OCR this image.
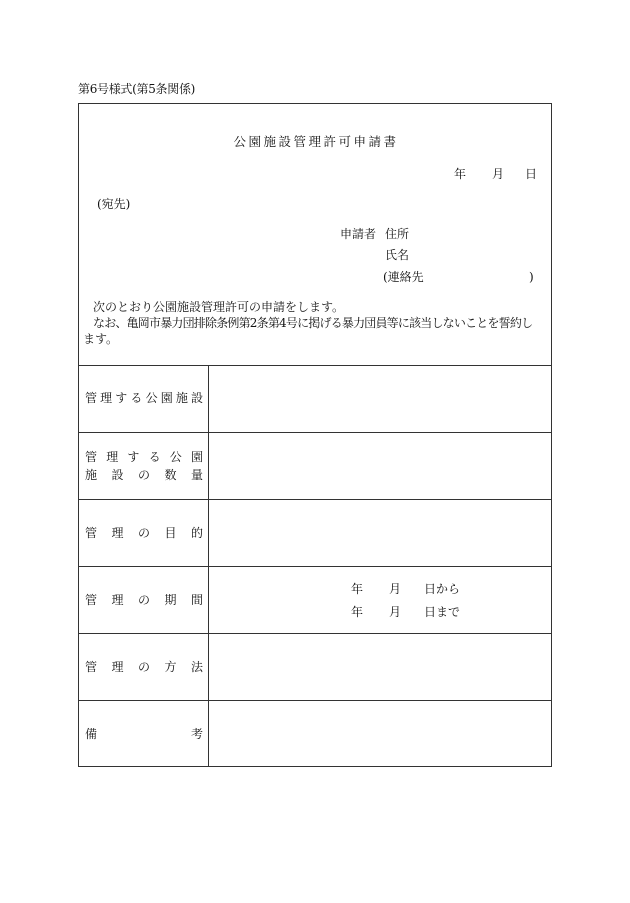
第6号様式(第5条関係)
公園施設管理許可申請書
年 月 日
(宛先)
申請者 住所
氏名
(連絡先	)
次のとおり公園施設管理許可の申請をします。
なお、亀岡市暴力団排除条例第2条第4号に掲げる暴力団員等に該当しないことを誓約し
ます。
管 理 す る 公 園 施 設
管 理 す る 公 園
施 設 の 数 量
管 理 の 目 的
管 理 の 期 間
年 月 日から
年 月 日まで
管 理 の 方 法
備	考
